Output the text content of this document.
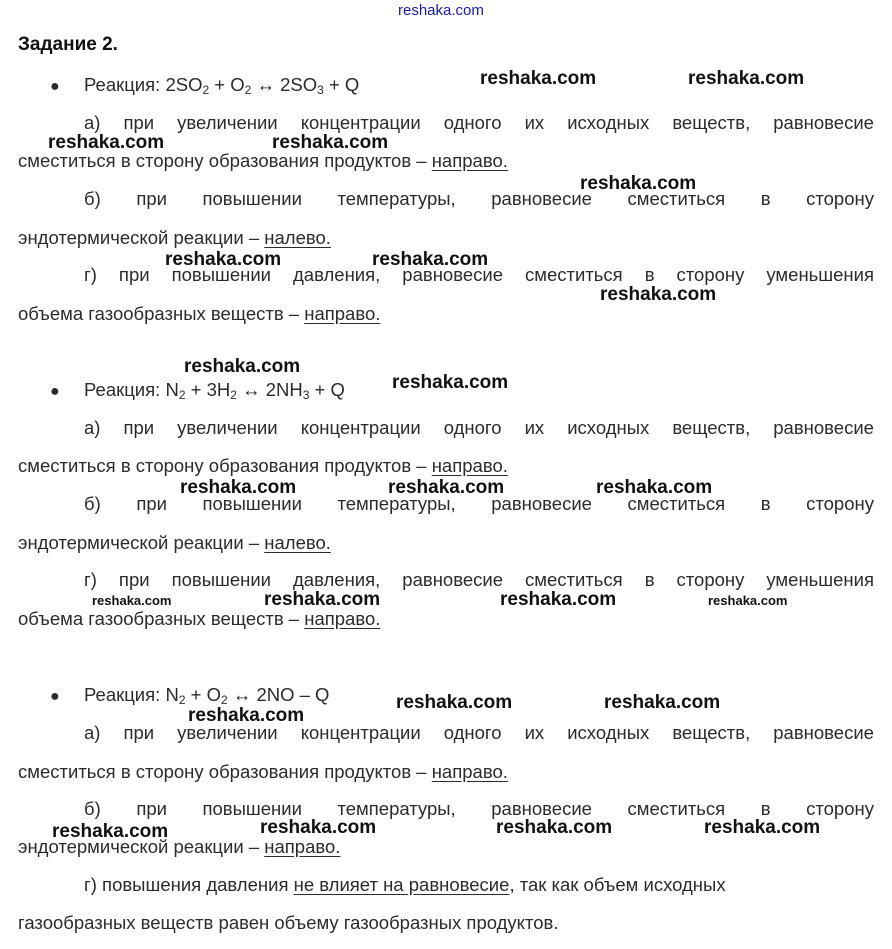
reshaka.com
reshaka.com	reshaka.com
reshaka.com	reshaka.com
reshaka.com
reshaka.com	reshaka.com
reshaka.com
reshaka.com
reshaka.com
reshaka.com	reshaka.com	reshaka.com
reshaka.com	reshaka.com	reshaka.com	reshaka.com
reshaka.com	reshaka.com
reshaka.com
reshaka.com	reshaka.com	reshaka.com	reshaka.com
Задание 2.
● Реакция: $2SO_2 + O_2$ ↔ $2SO_3 + Q$
а) при увеличении концентрации одного их исходных веществ, равновесие
сместиться в сторону образования продуктов – направо.
б) при повышении температуры, равновесие сместиться в сторону
эндотермической реакции – налево.
г) при повышении давления, равновесие сместиться в сторону уменьшения
объема газообразных веществ – направо.
● Реакция: $N_2 + 3H_2$ ↔ $2NH_3 + Q$
а) при увеличении концентрации одного их исходных веществ, равновесие
сместиться в сторону образования продуктов – направо.
б) при повышении температуры, равновесие сместиться в сторону
эндотермической реакции – налево.
г) при повышении давления, равновесие сместиться в сторону уменьшения
объема газообразных веществ – направо.
● Реакция: $N_2 + O_2$ ↔ 2NO – Q
а) при увеличении концентрации одного их исходных веществ, равновесие
сместиться в сторону образования продуктов – направо.
б) при повышении температуры, равновесие сместиться в сторону
эндотермической реакции – направо.
г) повышения давления не влияет на равновесие, так как объем исходных
газообразных веществ равен объему газообразных продуктов.
